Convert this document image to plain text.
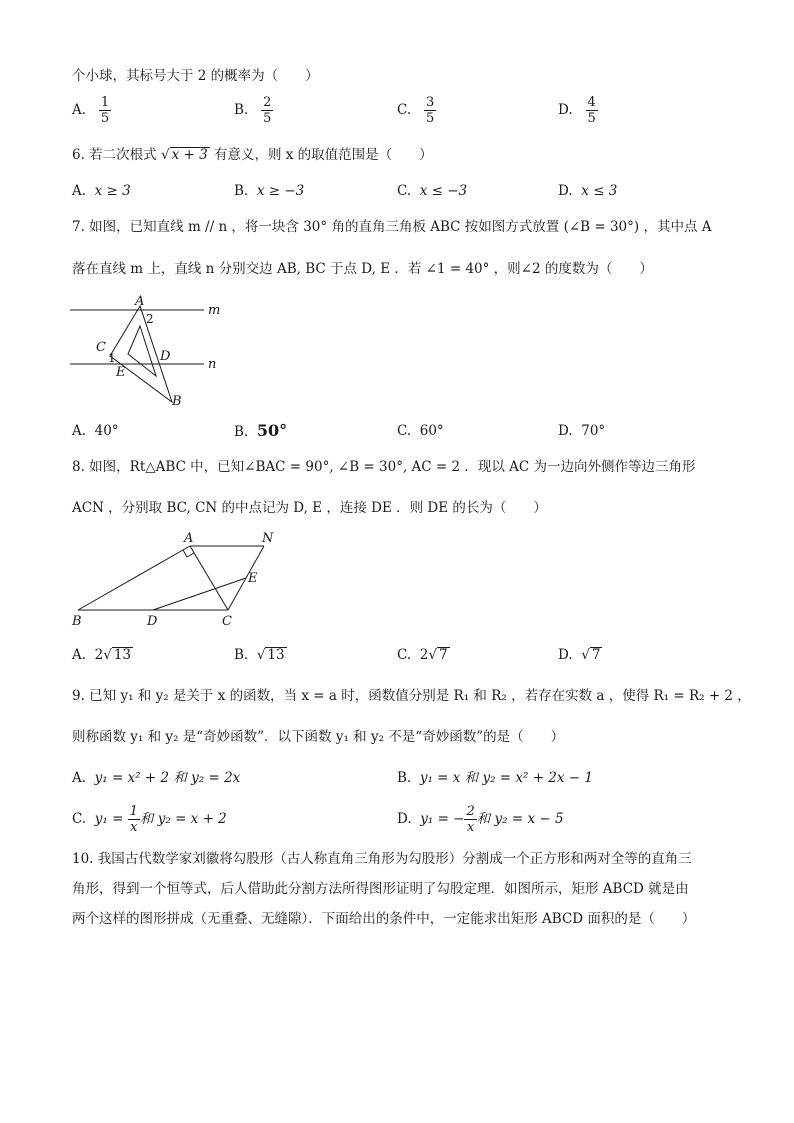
个小球，其标号大于 2 的概率为（　　）
A. $\frac{1}{5}$	B. $\frac{2}{5}$	C. $\frac{3}{5}$	D. $\frac{4}{5}$
6. 若二次根式 √ x + 3 有意义，则 x 的取值范围是（　　）
A. x ≥ 3	B. x ≥ −3	C. x ≤ −3	D. x ≤ 3
7. 如图，已知直线 m // n ，将一块含 30° 角的直角三角板 ABC 按如图方式放置 (∠B = 30°) ，其中点 A
落在直线 m 上，直线 n 分别交边 AB, BC 于点 D, E ．若 ∠1 = 40° ，则∠2 的度数为（　　）
A
2
C
D
1
E
B
m
n
A. 40°	B. 50°	C. 60°	D. 70°
8. 如图，Rt△ABC 中，已知∠BAC = 90°, ∠B = 30°, AC = 2 ．现以 AC 为一边向外侧作等边三角形
ACN ，分别取 BC, CN 的中点记为 D, E ，连接 DE ．则 DE 的长为（　　）
A	N
E
B	D	C
A. 2√ 13	B. √ 13	C. 2√ 7	D. √ 7
9. 已知 y₁ 和 y₂ 是关于 x 的函数，当 x = a 时，函数值分别是 R₁ 和 R₂ ，若存在实数 a ，使得 R₁ = R₂ + 2 ，
则称函数 y₁ 和 y₂ 是“奇妙函数”．以下函数 y₁ 和 y₂ 不是“奇妙函数”的是（　　）
A. y₁ = x² + 2 和 y₂ = 2x	B. y₁ = x 和 y₂ = x² + 2x − 1
C. $y_1 = \frac{1}{x}$ 和 y₂ = x + 2	D. y₁ = − $\frac{2}{x}$ 和 y₂ = x − 5
10. 我国古代数学家刘徽将勾股形（古人称直角三角形为勾股形）分割成一个正方形和两对全等的直角三
角形，得到一个恒等式，后人借助此分割方法所得图形证明了勾股定理．如图所示，矩形 ABCD 就是由
两个这样的图形拼成（无重叠、无缝隙）．下面给出的条件中，一定能求出矩形 ABCD 面积的是（　　）
